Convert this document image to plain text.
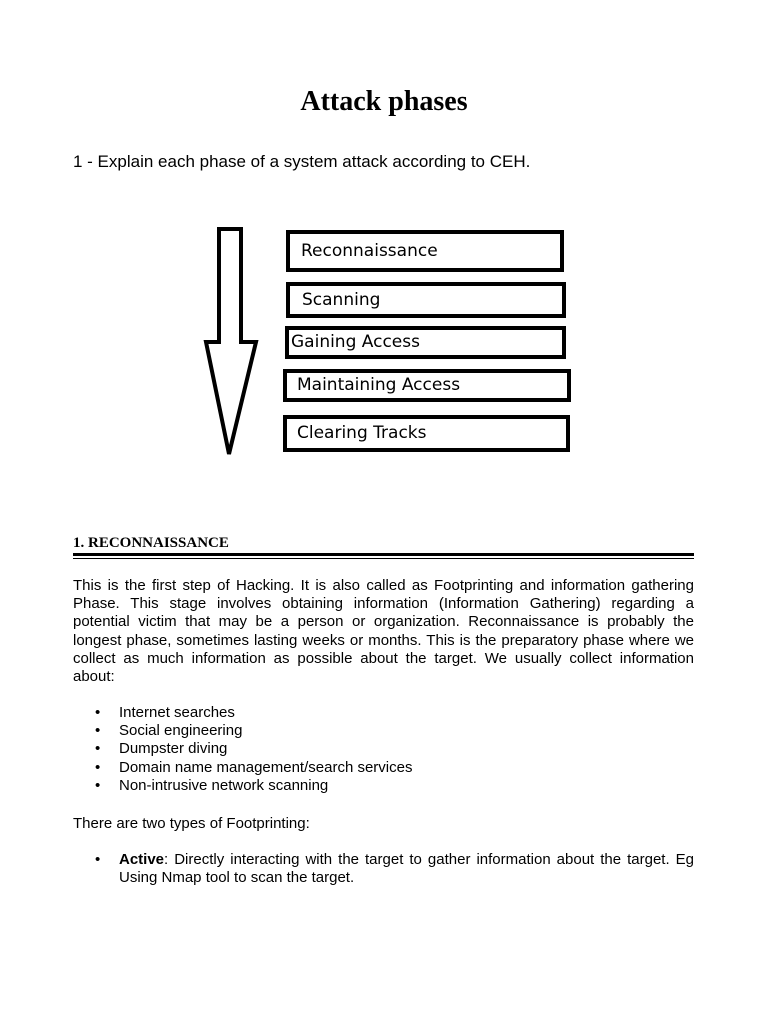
Attack phases

1 - Explain each phase of a system attack according to CEH.

Reconnaissance
Scanning
Gaining Access
Maintaining Access
Clearing Tracks
1. RECONNAISSANCE

This is the first step of Hacking. It is also called as Footprinting and information gathering Phase. This stage involves obtaining information (Information Gathering) regarding a potential victim that may be a person or organization. Reconnaissance is probably the longest phase, sometimes lasting weeks or months. This is the preparatory phase where we collect as much information as possible about the target. We usually collect information about:

• Internet searches
• Social engineering
• Dumpster diving
• Domain name management/search services
• Non-intrusive network scanning

There are two types of Footprinting:

• Active: Directly interacting with the target to gather information about the target. Eg Using Nmap tool to scan the target.
